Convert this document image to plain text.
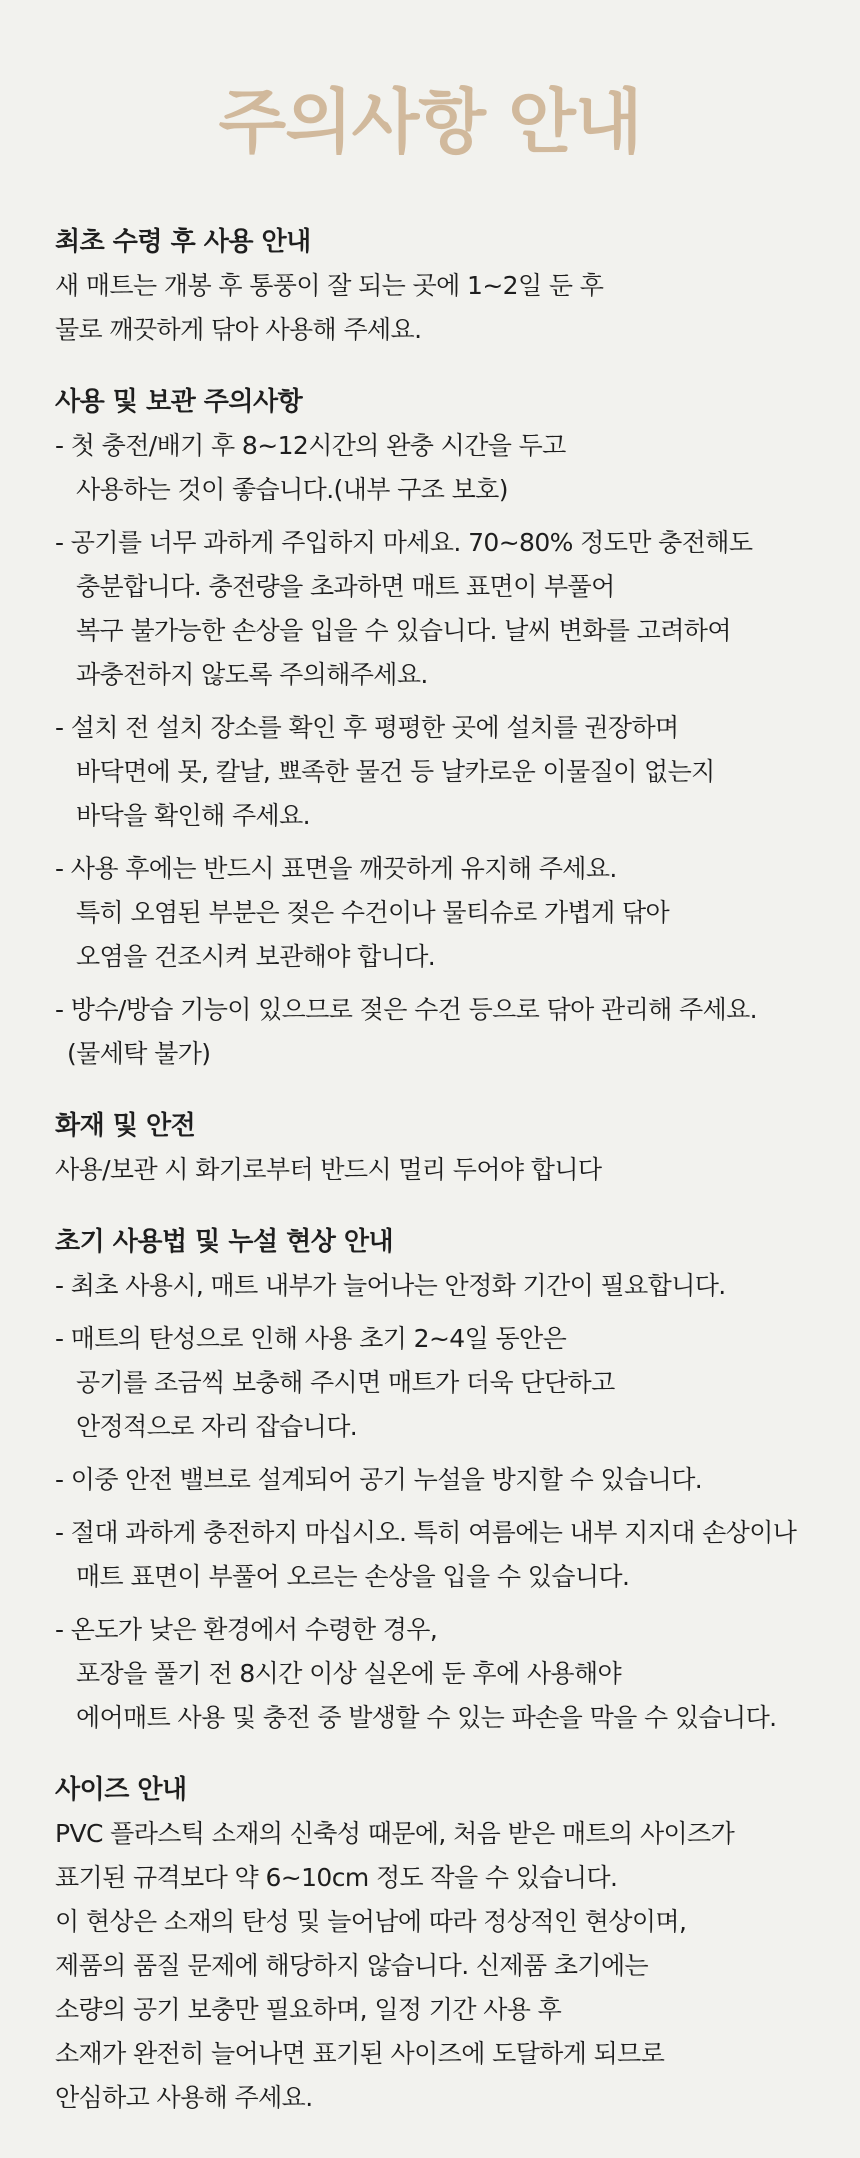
주의사항 안내
최초 수령 후 사용 안내

새 매트는 개봉 후 통풍이 잘 되는 곳에 1~2일 둔 후

물로 깨끗하게 닦아 사용해 주세요.

사용 및 보관 주의사항

- 첫 충전/배기 후 8~12시간의 완충 시간을 두고

사용하는 것이 좋습니다.(내부 구조 보호)

- 공기를 너무 과하게 주입하지 마세요. 70~80% 정도만 충전해도

충분합니다. 충전량을 초과하면 매트 표면이 부풀어

복구 불가능한 손상을 입을 수 있습니다. 날씨 변화를 고려하여

과충전하지 않도록 주의해주세요.

- 설치 전 설치 장소를 확인 후 평평한 곳에 설치를 권장하며

바닥면에 못, 칼날, 뾰족한 물건 등 날카로운 이물질이 없는지

바닥을 확인해 주세요.

- 사용 후에는 반드시 표면을 깨끗하게 유지해 주세요.

특히 오염된 부분은 젖은 수건이나 물티슈로 가볍게 닦아

오염을 건조시켜 보관해야 합니다.

- 방수/방습 기능이 있으므로 젖은 수건 등으로 닦아 관리해 주세요.

(물세탁 불가)

화재 및 안전

사용/보관 시 화기로부터 반드시 멀리 두어야 합니다

초기 사용법 및 누설 현상 안내

- 최초 사용시, 매트 내부가 늘어나는 안정화 기간이 필요합니다.

- 매트의 탄성으로 인해 사용 초기 2~4일 동안은

공기를 조금씩 보충해 주시면 매트가 더욱 단단하고

안정적으로 자리 잡습니다.

- 이중 안전 밸브로 설계되어 공기 누설을 방지할 수 있습니다.

- 절대 과하게 충전하지 마십시오. 특히 여름에는 내부 지지대 손상이나

매트 표면이 부풀어 오르는 손상을 입을 수 있습니다.

- 온도가 낮은 환경에서 수령한 경우,

포장을 풀기 전 8시간 이상 실온에 둔 후에 사용해야

에어매트 사용 및 충전 중 발생할 수 있는 파손을 막을 수 있습니다.

사이즈 안내

PVC 플라스틱 소재의 신축성 때문에, 처음 받은 매트의 사이즈가

표기된 규격보다 약 6~10cm 정도 작을 수 있습니다.

이 현상은 소재의 탄성 및 늘어남에 따라 정상적인 현상이며,

제품의 품질 문제에 해당하지 않습니다. 신제품 초기에는

소량의 공기 보충만 필요하며, 일정 기간 사용 후

소재가 완전히 늘어나면 표기된 사이즈에 도달하게 되므로

안심하고 사용해 주세요.
